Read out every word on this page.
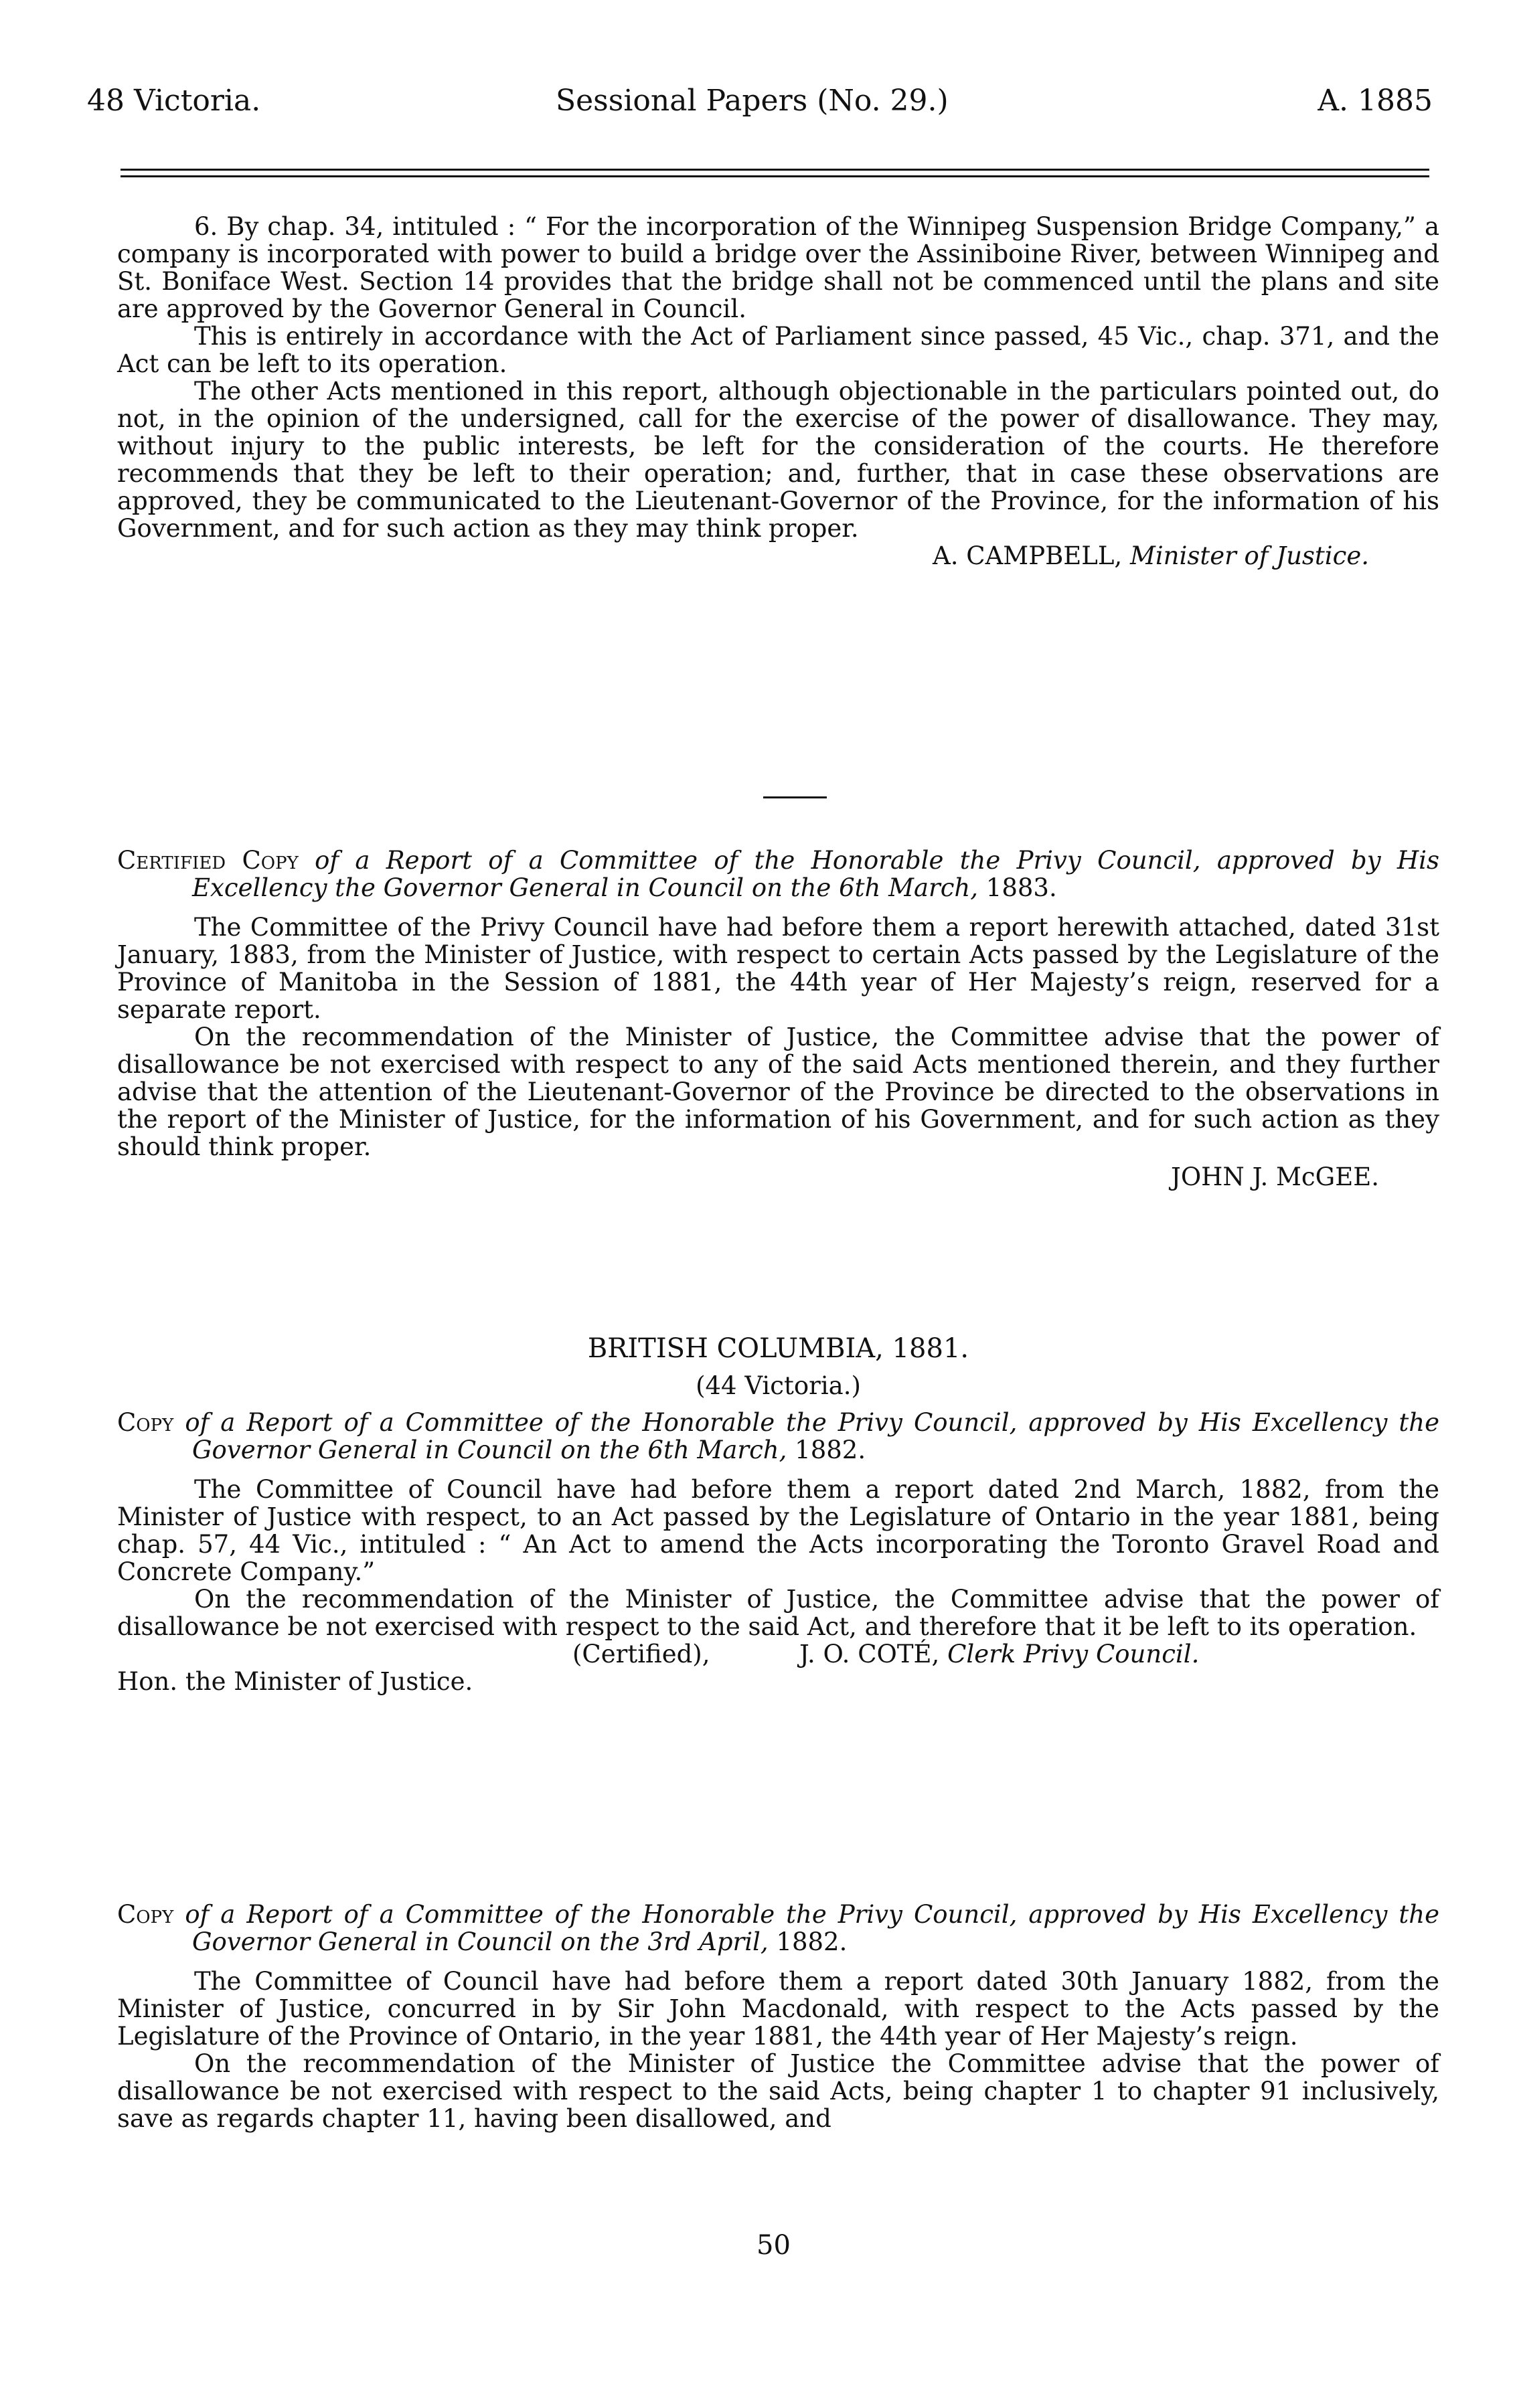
48 Victoria.	Sessional Papers (No. 29.)	A. 1885

6. By chap. 34, intituled : “ For the incorporation of the Winnipeg Suspension Bridge Company,” a company is incorporated with power to build a bridge over the Assiniboine River, between Winnipeg and St. Boniface West. Section 14 provides that the bridge shall not be commenced until the plans and site are approved by the Governor General in Council.

This is entirely in accordance with the Act of Parliament since passed, 45 Vic., chap. 371, and the Act can be left to its operation.

The other Acts mentioned in this report, although objectionable in the particulars pointed out, do not, in the opinion of the undersigned, call for the exercise of the power of disallowance. They may, without injury to the public interests, be left for the consideration of the courts. He therefore recommends that they be left to their operation; and, further, that in case these observations are approved, they be communicated to the Lieutenant-Governor of the Province, for the information of his Government, and for such action as they may think proper.

A. CAMPBELL, Minister of Justice.

Certified Copy of a Report of a Committee of the Honorable the Privy Council, approved by His Excellency the Governor General in Council on the 6th March, 1883.

The Committee of the Privy Council have had before them a report herewith attached, dated 31st January, 1883, from the Minister of Justice, with respect to certain Acts passed by the Legislature of the Province of Manitoba in the Session of 1881, the 44th year of Her Majesty’s reign, reserved for a separate report.

On the recommendation of the Minister of Justice, the Committee advise that the power of disallowance be not exercised with respect to any of the said Acts mentioned therein, and they further advise that the attention of the Lieutenant-Governor of the Province be directed to the observations in the report of the Minister of Justice, for the information of his Government, and for such action as they should think proper.

JOHN J. McGEE.

BRITISH COLUMBIA, 1881.

(44 Victoria.)

Copy of a Report of a Committee of the Honorable the Privy Council, approved by His Excellency the Governor General in Council on the 6th March, 1882.

The Committee of Council have had before them a report dated 2nd March, 1882, from the Minister of Justice with respect, to an Act passed by the Legislature of Ontario in the year 1881, being chap. 57, 44 Vic., intituled : “ An Act to amend the Acts incorporating the Toronto Gravel Road and Concrete Company.”

On the recommendation of the Minister of Justice, the Committee advise that the power of disallowance be not exercised with respect to the said Act, and therefore that it be left to its operation.

(Certified),	J. O. COTÉ, Clerk Privy Council.

Hon. the Minister of Justice.

Copy of a Report of a Committee of the Honorable the Privy Council, approved by His Excellency the Governor General in Council on the 3rd April, 1882.

The Committee of Council have had before them a report dated 30th January 1882, from the Minister of Justice, concurred in by Sir John Macdonald, with respect to the Acts passed by the Legislature of the Province of Ontario, in the year 1881, the 44th year of Her Majesty’s reign.

On the recommendation of the Minister of Justice the Committee advise that the power of disallowance be not exercised with respect to the said Acts, being chapter 1 to chapter 91 inclusively, save as regards chapter 11, having been disallowed, and

50
